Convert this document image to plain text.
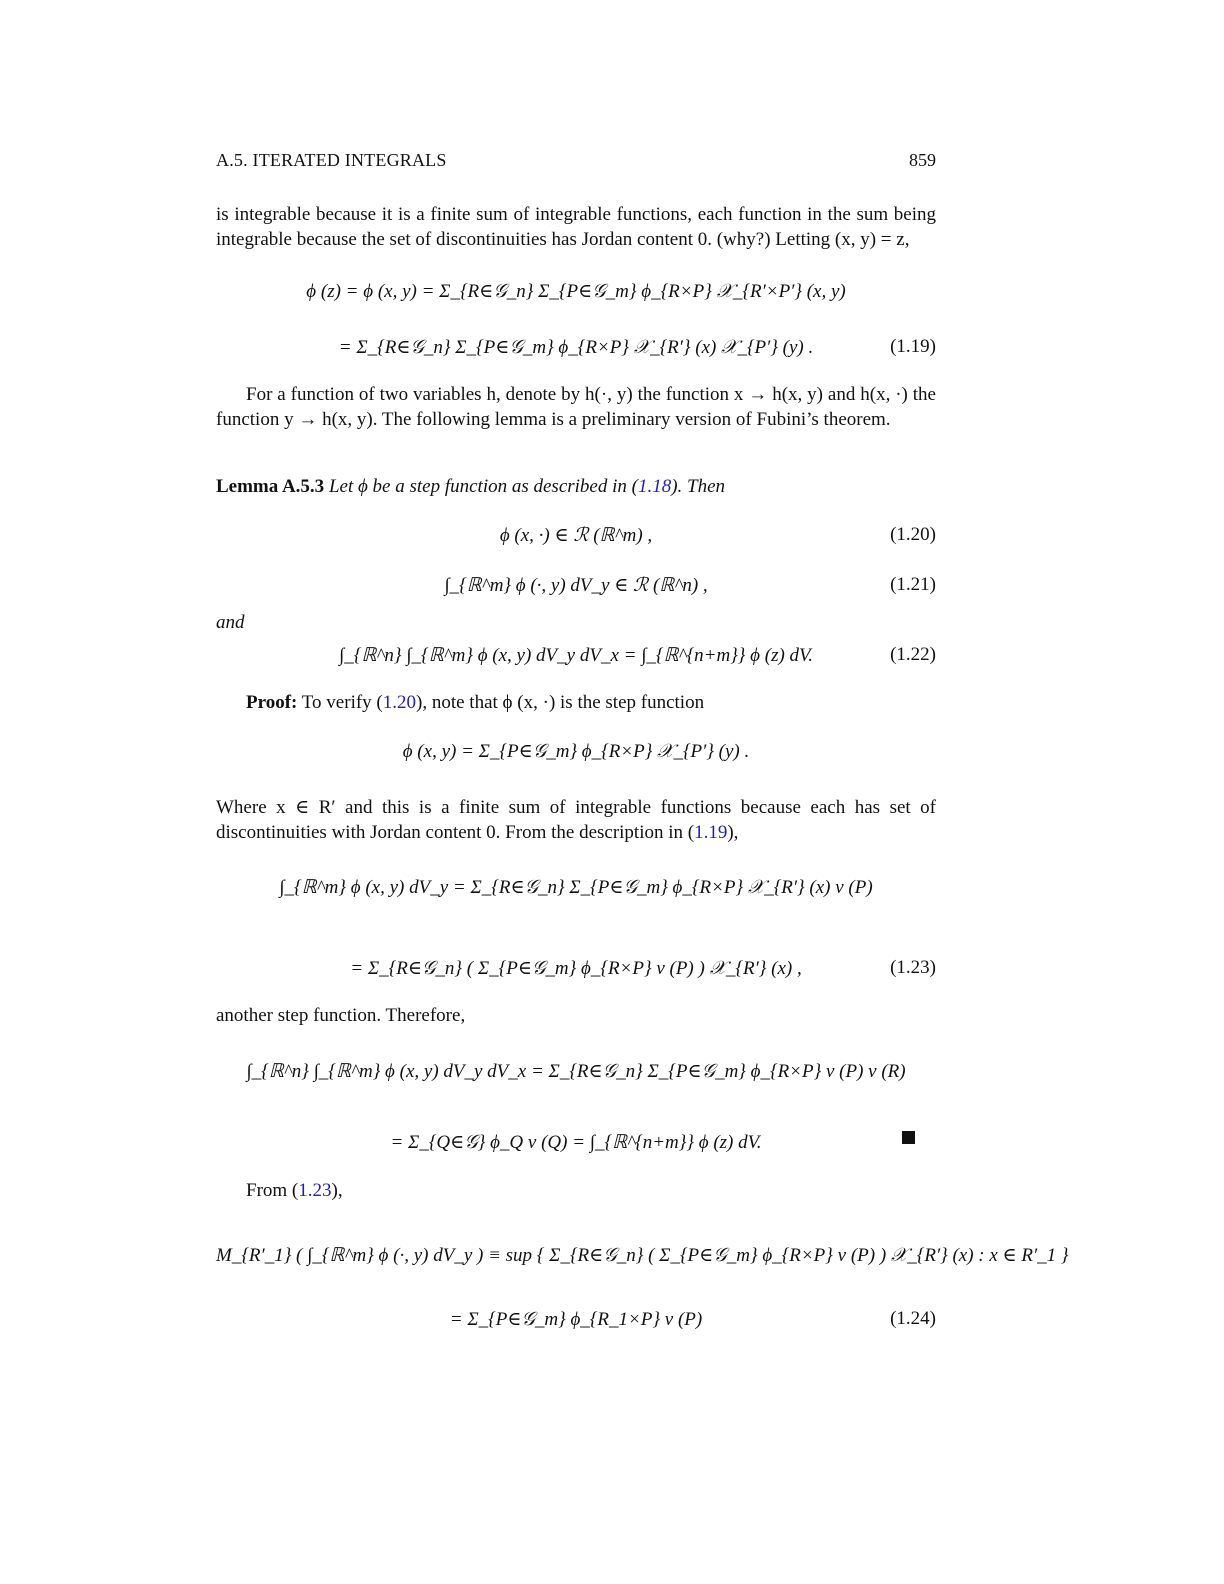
A.5. ITERATED INTEGRALS	859
is integrable because it is a finite sum of integrable functions, each function in the sum being integrable because the set of discontinuities has Jordan content 0. (why?) Letting (x, y) = z,
ϕ (z) = ϕ (x, y) = Σ_{R∈𝒢_n} Σ_{P∈𝒢_m} ϕ_{R×P} 𝒳_{R′×P′} (x, y)
= Σ_{R∈𝒢_n} Σ_{P∈𝒢_m} ϕ_{R×P} 𝒳_{R′} (x) 𝒳_{P′} (y) .	(1.19)
For a function of two variables h, denote by h(·, y) the function x → h(x, y) and h(x, ·) the function y → h(x, y). The following lemma is a preliminary version of Fubini’s theorem.
Lemma A.5.3 Let ϕ be a step function as described in (1.18). Then
ϕ (x, ·) ∈ ℛ (ℝ^m) ,	(1.20)
∫_{ℝ^m} ϕ (·, y) dV_y ∈ ℛ (ℝ^n) ,	(1.21)
and
∫_{ℝ^n} ∫_{ℝ^m} ϕ (x, y) dV_y dV_x = ∫_{ℝ^{n+m}} ϕ (z) dV.	(1.22)
Proof: To verify (1.20), note that ϕ (x, ·) is the step function
ϕ (x, y) = Σ_{P∈𝒢_m} ϕ_{R×P} 𝒳_{P′} (y) .
Where x ∈ R′ and this is a finite sum of integrable functions because each has set of discontinuities with Jordan content 0. From the description in (1.19),
∫_{ℝ^m} ϕ (x, y) dV_y = Σ_{R∈𝒢_n} Σ_{P∈𝒢_m} ϕ_{R×P} 𝒳_{R′} (x) v (P)
= Σ_{R∈𝒢_n} ( Σ_{P∈𝒢_m} ϕ_{R×P} v (P) ) 𝒳_{R′} (x) ,	(1.23)
another step function. Therefore,
∫_{ℝ^n} ∫_{ℝ^m} ϕ (x, y) dV_y dV_x = Σ_{R∈𝒢_n} Σ_{P∈𝒢_m} ϕ_{R×P} v (P) v (R)
= Σ_{Q∈𝒢} ϕ_Q v (Q) = ∫_{ℝ^{n+m}} ϕ (z) dV.
From (1.23),
M_{R′_1} ( ∫_{ℝ^m} ϕ (·, y) dV_y ) ≡ sup { Σ_{R∈𝒢_n} ( Σ_{P∈𝒢_m} ϕ_{R×P} v (P) ) 𝒳_{R′} (x) : x ∈ R′_1 }
= Σ_{P∈𝒢_m} ϕ_{R_1×P} v (P)	(1.24)
